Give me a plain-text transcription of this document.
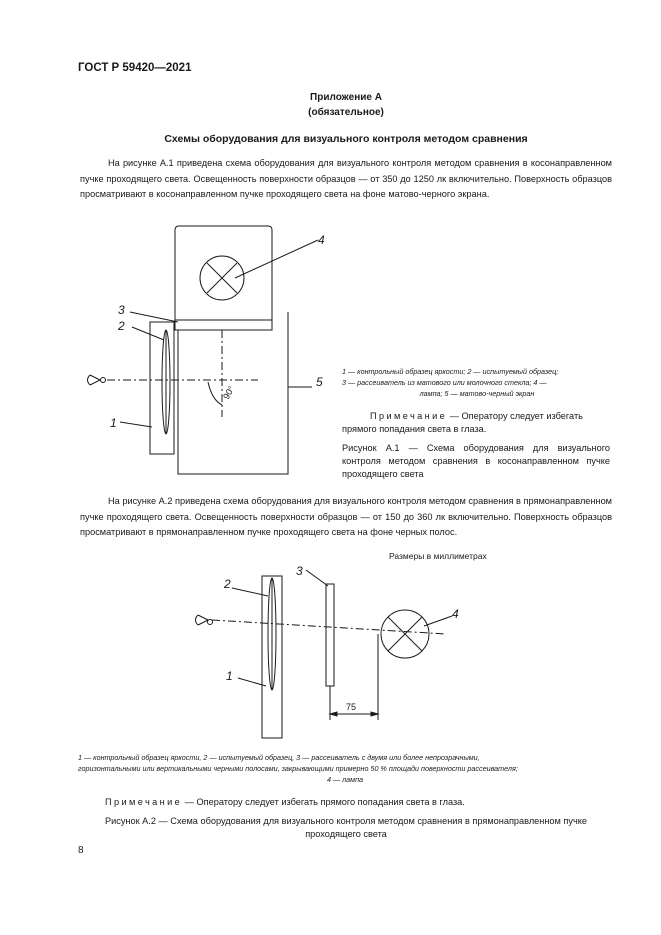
ГОСТ Р 59420—2021
Приложение А
(обязательное)
Схемы оборудования для визуального контроля методом сравнения
На рисунке А.1 приведена схема оборудования для визуального контроля методом сравнения в косонаправленном пучке проходящего света. Освещенность поверхности образцов — от 350 до 1250 лк включительно. Поверхность образцов просматривают в косонаправленном пучке проходящего света на фоне матово-черного экрана.
90°
1
2
3
4
5
1 — контрольный образец яркости; 2 — испытуемый образец;
3 — рассеиватель из матового или молочного стекла; 4 —
лампа; 5 — матово-черный экран
Примечание — Оператору следует избегать прямого попадания света в глаза.
Рисунок А.1 — Схема оборудования для визуального контроля методом сравнения в косонаправленном пучке проходящего света
На рисунке А.2 приведена схема оборудования для визуального контроля методом сравнения в прямонаправленном пучке проходящего света. Освещенность поверхности образцов — от 150 до 360 лк включительно. Поверхность образцов просматривают в прямонаправленном пучке проходящего света на фоне черных полос.
Размеры в миллиметрах
75
1
2
3
4
1 — контрольный образец яркости, 2 — испытуемый образец, 3 — рассеиватель с двумя или более непрозрачными,
горизонтальными или вертикальными черными полосами, закрывающими примерно 50 % площади поверхности рассеивателя;
4 — лампа
Примечание — Оператору следует избегать прямого попадания света в глаза.
Рисунок А.2 — Схема оборудования для визуального контроля методом сравнения в прямонаправленном пучке
проходящего света
8
